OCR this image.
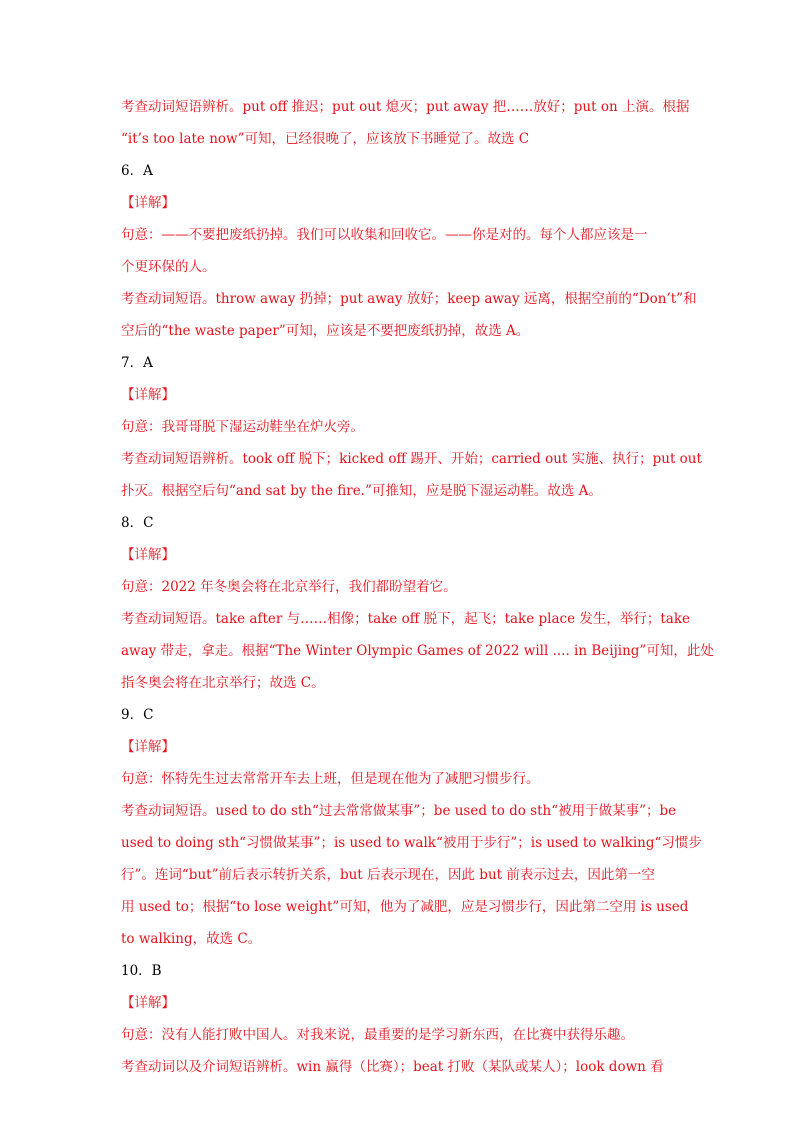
考查动词短语辨析。put off 推迟；put out 熄灭；put away 把……放好；put on 上演。根据
“it’s too late now”可知，已经很晚了，应该放下书睡觉了。故选 C
6．A
【详解】
句意：——不要把废纸扔掉。我们可以收集和回收它。——你是对的。每个人都应该是一
个更环保的人。
考查动词短语。throw away 扔掉；put away 放好；keep away 远离，根据空前的“Don’t”和
空后的“the waste paper”可知，应该是不要把废纸扔掉，故选 A。
7．A
【详解】
句意：我哥哥脱下湿运动鞋坐在炉火旁。
考查动词短语辨析。took off 脱下；kicked off 踢开、开始；carried out 实施、执行；put out
扑灭。根据空后句“and sat by the fire.”可推知，应是脱下湿运动鞋。故选 A。
8．C
【详解】
句意：2022 年冬奥会将在北京举行，我们都盼望着它。
考查动词短语。take after 与……相像；take off 脱下，起飞；take place 发生，举行；take
away 带走，拿走。根据“The Winter Olympic Games of 2022 will .... in Beijing”可知，此处
指冬奥会将在北京举行；故选 C。
9．C
【详解】
句意：怀特先生过去常常开车去上班，但是现在他为了减肥习惯步行。
考查动词短语。used to do sth“过去常常做某事”；be used to do sth“被用于做某事”；be
used to doing sth“习惯做某事”；is used to walk“被用于步行”；is used to walking“习惯步
行”。连词“but”前后表示转折关系，but 后表示现在，因此 but 前表示过去，因此第一空
用 used to；根据“to lose weight”可知，他为了减肥，应是习惯步行，因此第二空用 is used
to walking，故选 C。
10．B
【详解】
句意：没有人能打败中国人。对我来说，最重要的是学习新东西，在比赛中获得乐趣。
考查动词以及介词短语辨析。win 赢得（比赛）；beat 打败（某队或某人）；look down 看
